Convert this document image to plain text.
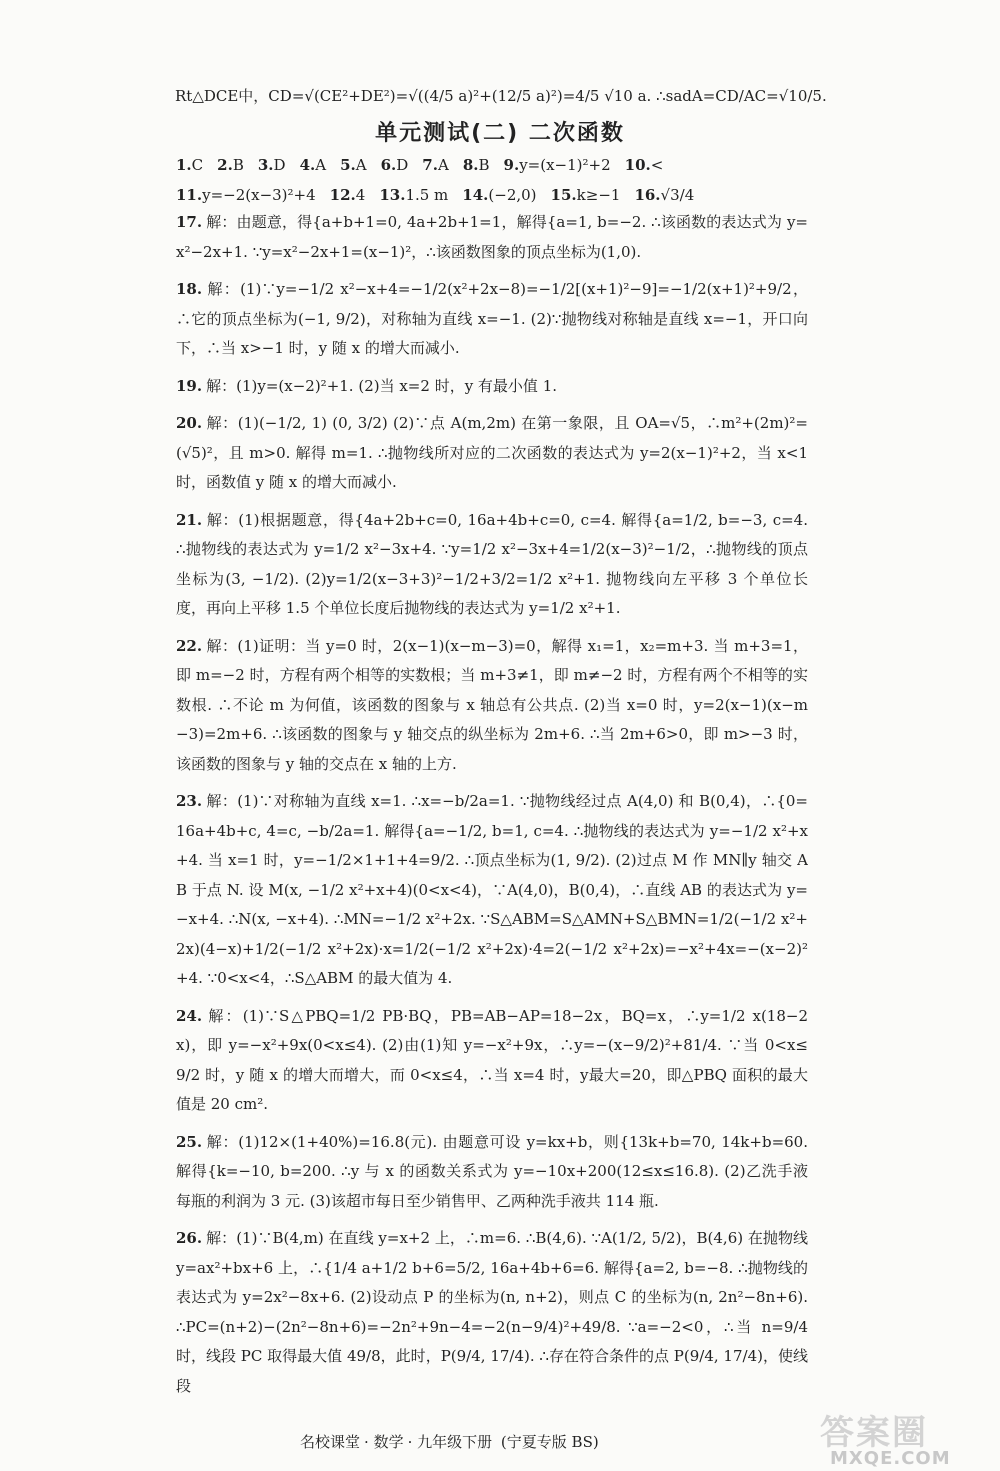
Rt△DCE中，CD=√(CE²+DE²)=√((4/5 a)²+(12/5 a)²)=4/5 √10 a. ∴sadA=CD/AC=√10/5.
单元测试(二) 二次函数
1.C 2.B 3.D 4.A 5.A 6.D 7.A 8.B 9.y=(x−1)²+2 10.<11.y=−2(x−3)²+4 12.4 13.1.5 m 14.(−2,0) 15.k≥−1 16.√3/4
17. 解：由题意，得{a+b+1=0, 4a+2b+1=1，解得{a=1, b=−2. ∴该函数的表达式为 y=x²−2x+1. ∵y=x²−2x+1=(x−1)²，∴该函数图象的顶点坐标为(1,0).
18. 解：(1)∵y=−1/2 x²−x+4=−1/2(x²+2x−8)=−1/2[(x+1)²−9]=−1/2(x+1)²+9/2，∴它的顶点坐标为(−1, 9/2)，对称轴为直线 x=−1. (2)∵抛物线对称轴是直线 x=−1，开口向下，∴当 x>−1 时，y 随 x 的增大而减小.
19. 解：(1)y=(x−2)²+1. (2)当 x=2 时，y 有最小值 1.
20. 解：(1)(−1/2, 1) (0, 3/2) (2)∵点 A(m,2m) 在第一象限，且 OA=√5，∴m²+(2m)²=(√5)²，且 m>0. 解得 m=1. ∴抛物线所对应的二次函数的表达式为 y=2(x−1)²+2，当 x<1 时，函数值 y 随 x 的增大而减小.
21. 解：(1)根据题意，得{4a+2b+c=0, 16a+4b+c=0, c=4. 解得{a=1/2, b=−3, c=4. ∴抛物线的表达式为 y=1/2 x²−3x+4. ∵y=1/2 x²−3x+4=1/2(x−3)²−1/2，∴抛物线的顶点坐标为(3, −1/2). (2)y=1/2(x−3+3)²−1/2+3/2=1/2 x²+1. 抛物线向左平移 3 个单位长度，再向上平移 1.5 个单位长度后抛物线的表达式为 y=1/2 x²+1.
22. 解：(1)证明：当 y=0 时，2(x−1)(x−m−3)=0，解得 x₁=1，x₂=m+3. 当 m+3=1，即 m=−2 时，方程有两个相等的实数根；当 m+3≠1，即 m≠−2 时，方程有两个不相等的实数根. ∴不论 m 为何值，该函数的图象与 x 轴总有公共点. (2)当 x=0 时，y=2(x−1)(x−m−3)=2m+6. ∴该函数的图象与 y 轴交点的纵坐标为 2m+6. ∴当 2m+6>0，即 m>−3 时，该函数的图象与 y 轴的交点在 x 轴的上方.
23. 解：(1)∵对称轴为直线 x=1. ∴x=−b/2a=1. ∵抛物线经过点 A(4,0) 和 B(0,4)，∴{0=16a+4b+c, 4=c, −b/2a=1. 解得{a=−1/2, b=1, c=4. ∴抛物线的表达式为 y=−1/2 x²+x+4. 当 x=1 时，y=−1/2×1+1+4=9/2. ∴顶点坐标为(1, 9/2). (2)过点 M 作 MN∥y 轴交 AB 于点 N. 设 M(x, −1/2 x²+x+4)(0<x<4)，∵A(4,0)，B(0,4)，∴直线 AB 的表达式为 y=−x+4. ∴N(x, −x+4). ∴MN=−1/2 x²+2x. ∵S△ABM=S△AMN+S△BMN=1/2(−1/2 x²+2x)(4−x)+1/2(−1/2 x²+2x)·x=1/2(−1/2 x²+2x)·4=2(−1/2 x²+2x)=−x²+4x=−(x−2)²+4. ∵0<x<4，∴S△ABM 的最大值为 4.
24. 解：(1)∵S△PBQ=1/2 PB·BQ，PB=AB−AP=18−2x，BQ=x，∴y=1/2 x(18−2x)，即 y=−x²+9x(0<x≤4). (2)由(1)知 y=−x²+9x，∴y=−(x−9/2)²+81/4. ∵当 0<x≤9/2 时，y 随 x 的增大而增大，而 0<x≤4，∴当 x=4 时，y最大=20，即△PBQ 面积的最大值是 20 cm².
25. 解：(1)12×(1+40%)=16.8(元). 由题意可设 y=kx+b，则{13k+b=70, 14k+b=60. 解得{k=−10, b=200. ∴y 与 x 的函数关系式为 y=−10x+200(12≤x≤16.8). (2)乙洗手液每瓶的利润为 3 元. (3)该超市每日至少销售甲、乙两种洗手液共 114 瓶.
26. 解：(1)∵B(4,m) 在直线 y=x+2 上，∴m=6. ∴B(4,6). ∵A(1/2, 5/2)，B(4,6) 在抛物线 y=ax²+bx+6 上，∴{1/4 a+1/2 b+6=5/2, 16a+4b+6=6. 解得{a=2, b=−8. ∴抛物线的表达式为 y=2x²−8x+6. (2)设动点 P 的坐标为(n, n+2)，则点 C 的坐标为(n, 2n²−8n+6). ∴PC=(n+2)−(2n²−8n+6)=−2n²+9n−4=−2(n−9/4)²+49/8. ∵a=−2<0，∴当 n=9/4 时，线段 PC 取得最大值 49/8，此时，P(9/4, 17/4). ∴存在符合条件的点 P(9/4, 17/4)，使线段
名校课堂 · 数学 · 九年级下册 (宁夏专版 BS)	答案圈
MXQE.COM
